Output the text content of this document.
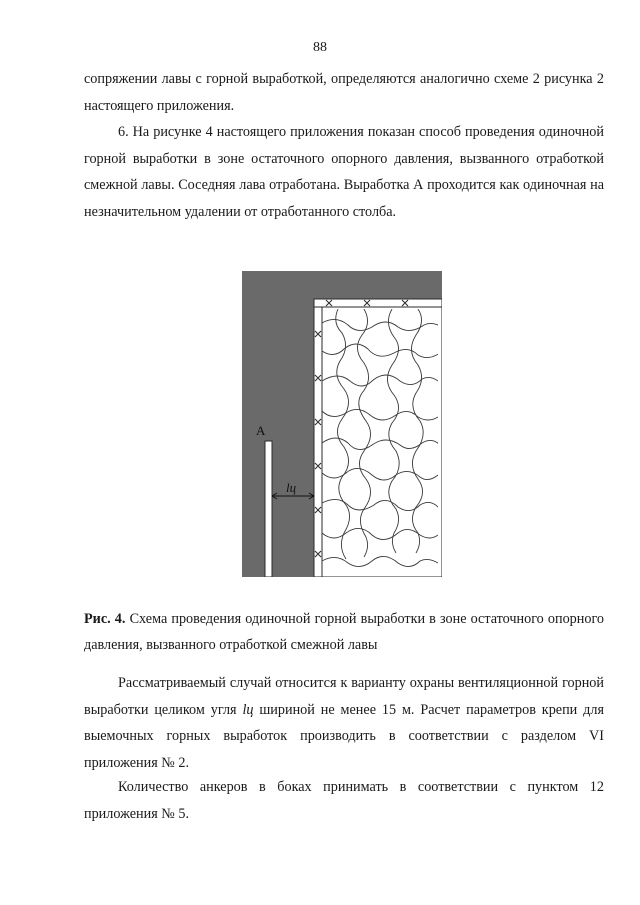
88

сопряжении лавы с горной выработкой, определяются аналогично схеме 2 рисунка 2 настоящего приложения.

6. На рисунке 4 настоящего приложения показан способ проведения одиночной горной выработки в зоне остаточного опорного давления, вызванного отработкой смежной лавы. Соседняя лава отработана. Выработка А проходится как одиночная на незначительном удалении от отработанного столба.

A
lц
Рис. 4. Схема проведения одиночной горной выработки в зоне остаточного опорного давления, вызванного отработкой смежной лавы

Рассматриваемый случай относится к варианту охраны вентиляционной горной выработки целиком угля lц шириной не менее 15 м. Расчет параметров крепи для выемочных горных выработок производить в соответствии с разделом VI приложения № 2.

Количество анкеров в боках принимать в соответствии с пунктом 12 приложения № 5.
